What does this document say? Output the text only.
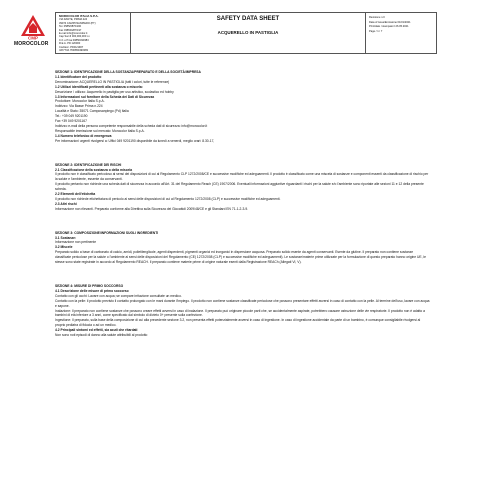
CMP
MOROCOLOR
MOROCOLOR ITALIA S.P.A.
VIA DANTE, PRIMA 224
39074 CAMPOSANPIERO (PT)
Tel. 0585/0870/190
Fax 0385/0287/197
E-mail info@morocolor.it
Cap Soc.€ 000,000,000 i.v.
C.F. e P.Iva 00850490383
R.E.A. PD 120000
Cod.Ecc. PD01/1907
VAT/TVA IT00850490383
SAFETY DATA SHEET
ACQUERELLO IN PASTIGLIA
Revisione n.0
Data of issue/Emissione 01/01/2021
Print/date / stampato il 26.05.2021
Page / 1 / 7
SEZIONE 1: IDENTIFICAZIONE DELLA SOSTANZA/PREPARATO E DELLA SOCIETÀ/IMPRESA
1.1 Identificatore del prodotto
Denominazione: ACQUERELLO IN PASTIGLIA (tutti i colori, tutte le referenze)
1.2 Utilizzi identificati pertinenti alla sostanza o miscela:
Descrizione / utilizzo: Acquerello in pastiglia per uso artistico, scolastico ed hobby
1.3 Informazioni sul fornitore della Scheda dei Dati di Sicurezza
Produttore: Morocolor Italia S.p.A.
Indirizzo: Via Basse Prima n.224
Località e Stato: 35071 Camposanpiego (Pd) Italia
Tel.: +39 049 9201190
Fax +39 049 9201167
Indirizzo e-mail della persona competente responsabile della scheda dati di sicurezza: info@morocolor.it
Responsabile immissione sul mercato: Morocolor Italia S.p.A.
1.4 Numero telefonico di emergenza
Per informazioni urgenti rivolgersi a: Uffici 049 9201190 disponibile da lunedì a venerdì, meglio orari: 8.30-17,
SEZIONE 2: IDENTIFICAZIONE DEI RISCHI
2.1 Classificazione della sostanza o della miscela
Il prodotto non è classificato pericoloso ai sensi dei disposizioni di cui al Regolamento CLP 1272/2008/CE e successive modifiche ed adeguamenti. Il prodotto è classificato come una miscela di sostanze e componenti essenti da classificazione di rischio per la salute e l'ambiente, essente da conservanti.
Il prodotto pertanto non richiede una scheda dati di sicurezza in accordo all'Art. 31 del Regolamento Reach (CE) 1907/2006. Eventuali informazioni aggiuntive riguardanti i rischi per la salute e/o l'ambiente sono riportate alle sezioni 11 e 12 della presente scheda.
2.2 Elementi dell'etichetta
Il prodotto non richiede etichettatura di pericolo ai sensi delle disposizioni di cui al Regolamento 1272/2008 (CLP) e successive modifiche ed adeguamenti.
2.3 Altri rischi
Informazione non rilevanti. Preparato conforme alla Direttiva sulla Sicurezza dei Giocattoli 2009/48/CE e gli Standard EN 71-1-2-3-9.
SEZIONE 3: COMPOSIZIONE/INFORMAZIONI SUGLI INGREDIENTI
3.1 Sostanze:
Informazione non pertinente
3.2 Miscele
Preparato solido a base di carbonato di calcio, amidi, polietilenglicole, agenti disperdenti, pigmenti organici ed inorganici in dispersione acquosa. Preparato solido esente da agenti conservanti. Esente da glutine. Il preparato non contiene sostanze classificate pericolose per la salute o l'ambiente ai sensi delle disposizioni del Regolamento (CE) 1272/2008 (CLP) e successive modifiche ed adeguamenti). Le sostanze/materie prime utilizzate per la formulazione di questo preparato hanno origine UE, le stesse sono state registrate in accordo al Regolamento REACH. Il preparato contiene materie prime di origine naturale esenti dalla Registrazione REACh (Allegati VI, V).
SEZIONE 4: MISURE DI PRIMO SOCCORSO
4.1 Descrizione delle misure di primo soccorso
Contatto con gli occhi: Lavare con acqua; se compare irritazione consultate un medico.
Contatto con la pelle: il prodotto previsto il contatto prolungato con le mani durante l'impiego. Il prodotto non contiene sostanze classificate pericolose che possono presentare effetti avversi in caso di contatto con la pelle. Al termine dell'uso, lavare con acqua e sapone.
Inalazione: Il preparato non contiene sostanze che possono creare effetti avversi in caso di inalazione. Il preparato può originare piccole parti che, se accidentalmente aspirate, potrebbero causare ostruzione delle vie respiratorie. Il prodotto non è adatto a bambini di età inferiore a 3 anni, come specificato dal simbolo di divieto 0+ presente sulla confezione.
Ingestione: Il preparato, sulla base della composizione di cui alla precedente sezione 3.2, non presenta effetti potenzialmente avversi in caso di ingestione. In caso di ingestione accidentale da parte di un bambino, è comunque consigliabile rivolgersi al proprio pediatra di fiducia o ad un medico.
4.2 Principali sintomi ed effetti, sia acuti che ritardati
Non sono noti episodi di danno alla salute attribuibili al prodotto
